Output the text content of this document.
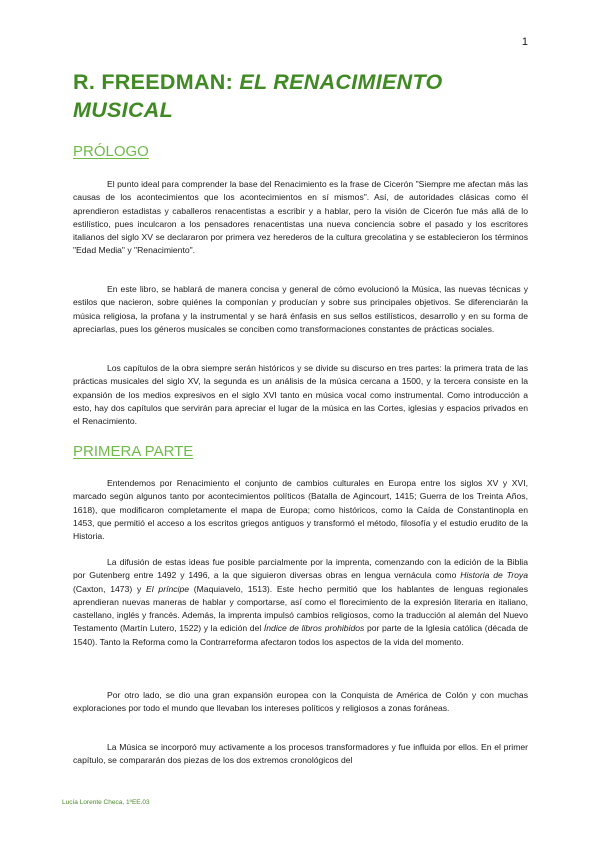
1
R. FREEDMAN: EL RENACIMIENTO MUSICAL
PRÓLOGO

El punto ideal para comprender la base del Renacimiento es la frase de Cicerón "Siempre me afectan más las causas de los acontecimientos que los acontecimientos en sí mismos". Así, de autoridades clásicas como él aprendieron estadistas y caballeros renacentistas a escribir y a hablar, pero la visión de Cicerón fue más allá de lo estilístico, pues inculcaron a los pensadores renacentistas una nueva conciencia sobre el pasado y los escritores italianos del siglo XV se declararon por primera vez herederos de la cultura grecolatina y se establecieron los términos "Edad Media" y "Renacimiento".

En este libro, se hablará de manera concisa y general de cómo evolucionó la Música, las nuevas técnicas y estilos que nacieron, sobre quiénes la componían y producían y sobre sus principales objetivos. Se diferenciarán la música religiosa, la profana y la instrumental y se hará énfasis en sus sellos estilísticos, desarrollo y en su forma de apreciarlas, pues los géneros musicales se conciben como transformaciones constantes de prácticas sociales.

Los capítulos de la obra siempre serán históricos y se divide su discurso en tres partes: la primera trata de las prácticas musicales del siglo XV, la segunda es un análisis de la música cercana a 1500, y la tercera consiste en la expansión de los medios expresivos en el siglo XVI tanto en música vocal como instrumental. Como introducción a esto, hay dos capítulos que servirán para apreciar el lugar de la música en las Cortes, iglesias y espacios privados en el Renacimiento.

PRIMERA PARTE

Entendemos por Renacimiento el conjunto de cambios culturales en Europa entre los siglos XV y XVI, marcado según algunos tanto por acontecimientos políticos (Batalla de Agincourt, 1415; Guerra de los Treinta Años, 1618), que modificaron completamente el mapa de Europa; como históricos, como la Caída de Constantinopla en 1453, que permitió el acceso a los escritos griegos antiguos y transformó el método, filosofía y el estudio erudito de la Historia.

La difusión de estas ideas fue posible parcialmente por la imprenta, comenzando con la edición de la Biblia por Gutenberg entre 1492 y 1496, a la que siguieron diversas obras en lengua vernácula como Historia de Troya (Caxton, 1473) y El príncipe (Maquiavelo, 1513). Este hecho permitió que los hablantes de lenguas regionales aprendieran nuevas maneras de hablar y comportarse, así como el florecimiento de la expresión literaria en italiano, castellano, inglés y francés. Además, la imprenta impulsó cambios religiosos, como la traducción al alemán del Nuevo Testamento (Martín Lutero, 1522) y la edición del Índice de libros prohibidos por parte de la Iglesia católica (década de 1540). Tanto la Reforma como la Contrarreforma afectaron todos los aspectos de la vida del momento.

Por otro lado, se dio una gran expansión europea con la Conquista de América de Colón y con muchas exploraciones por todo el mundo que llevaban los intereses políticos y religiosos a zonas foráneas.

La Música se incorporó muy activamente a los procesos transformadores y fue influida por ellos. En el primer capítulo, se compararán dos piezas de los dos extremos cronológicos del

Lucía Lorente Checa, 1ºEE.03
